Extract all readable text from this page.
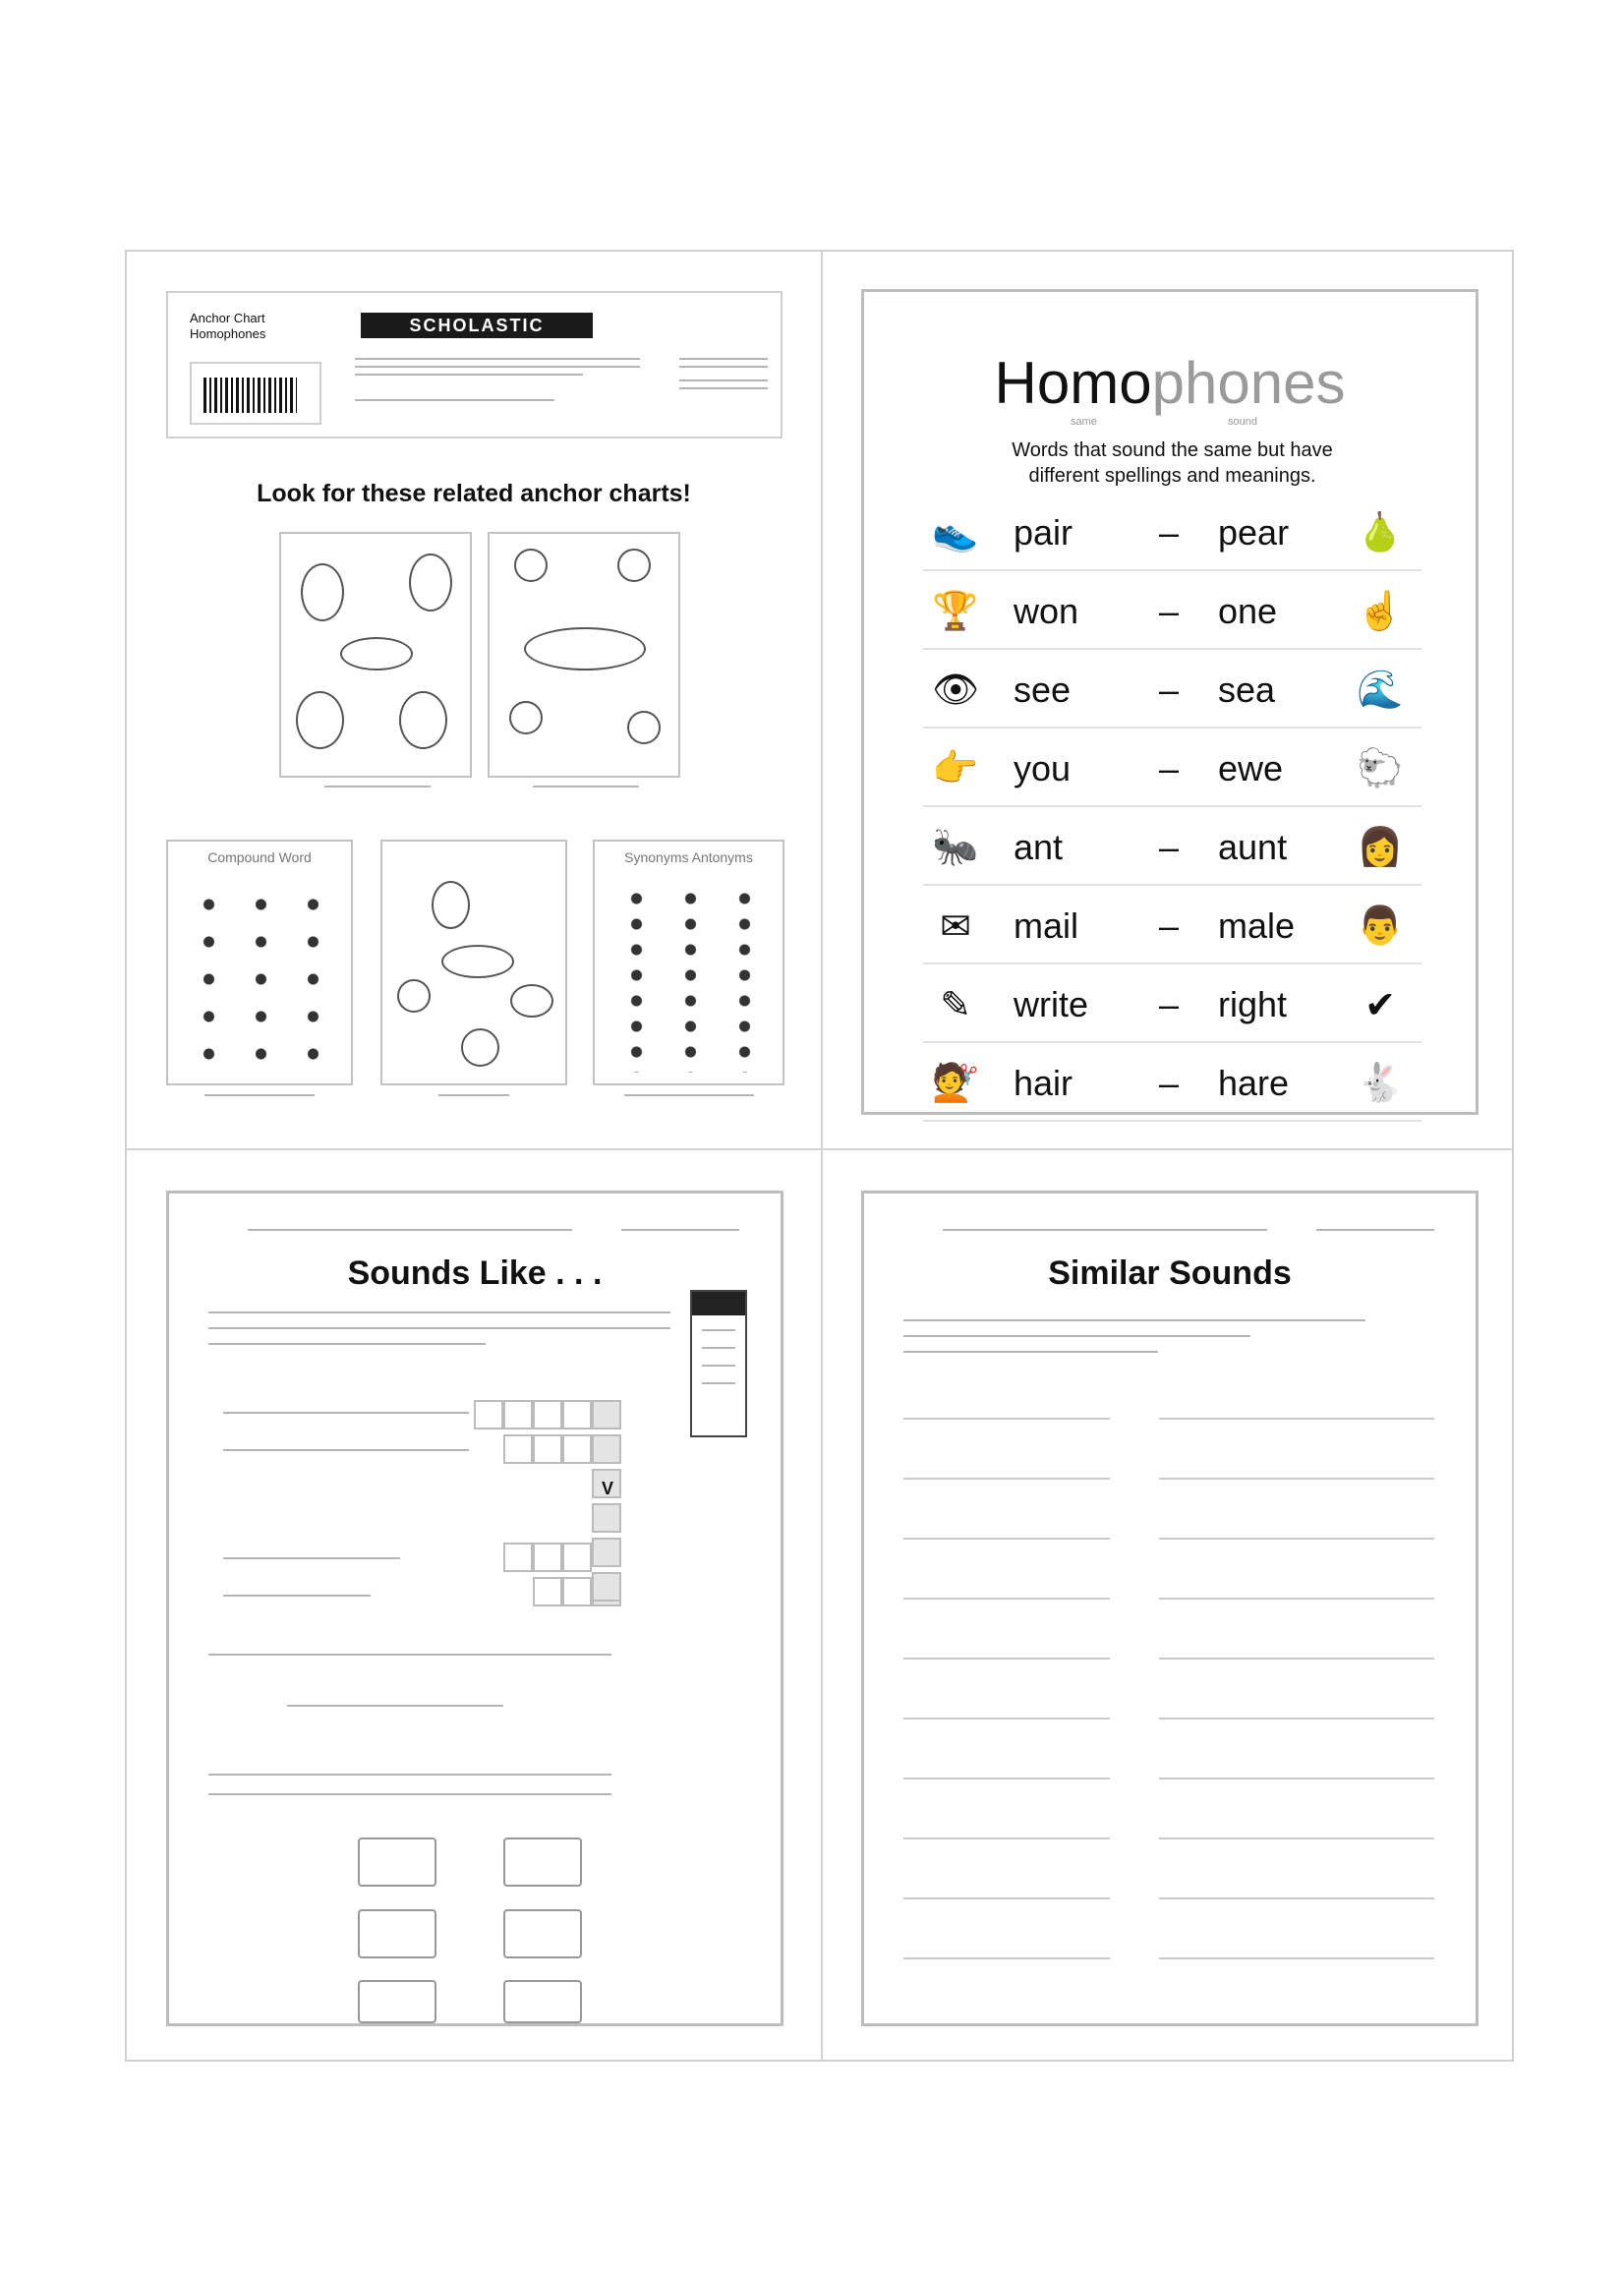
Anchor Chart
Homophones	SCHOLASTIC
Look for these related anchor charts!
Compound Word	Synonyms Antonyms
Homophones
same	sound
Words that sound the same but have
different spellings and meanings.
👟 pair – pear 🍐
🏆 won – one ☝
👁 see – sea 🌊
👉 you – ewe 🐑
🐜 ant	– aunt 👩
✉ mail – male 👨
✎ write – right ✔
💇 hair – hare 🐇
Sounds Like . . .
V
Similar Sounds
